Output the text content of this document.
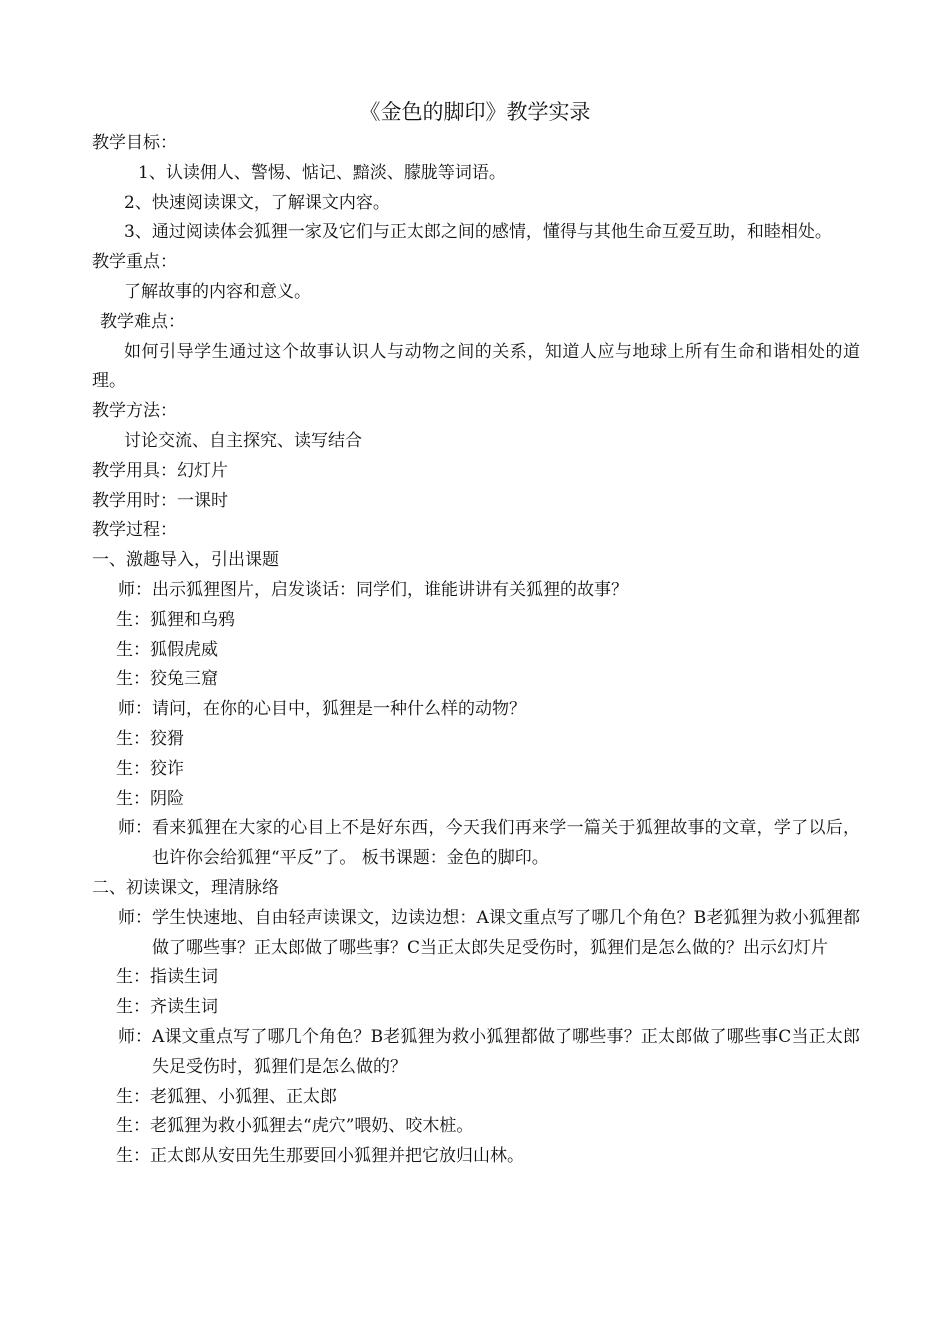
《金色的脚印》教学实录
教学目标：
1、认读佣人、警惕、惦记、黯淡、朦胧等词语。
2、快速阅读课文，了解课文内容。
3、通过阅读体会狐狸一家及它们与正太郎之间的感情，懂得与其他生命互爱互助，和睦相处。
教学重点：
了解故事的内容和意义。
教学难点：
如何引导学生通过这个故事认识人与动物之间的关系，知道人应与地球上所有生命和谐相处的道理。
教学方法：
讨论交流、自主探究、读写结合
教学用具：幻灯片
教学用时：一课时
教学过程：
一、激趣导入，引出课题
师： 出示狐狸图片，启发谈话：同学们，谁能讲讲有关狐狸的故事？
生： 狐狸和乌鸦
生： 狐假虎威
生： 狡兔三窟
师： 请问，在你的心目中，狐狸是一种什么样的动物？
生： 狡猾
生： 狡诈
生： 阴险
师： 看来狐狸在大家的心目上不是好东西，今天我们再来学一篇关于狐狸故事的文章，学了以后，也许你会给狐狸“平反”了。 板书课题：金色的脚印。
二、初读课文，理清脉络
师： 学生快速地、自由轻声读课文，边读边想：A课文重点写了哪几个角色？B老狐狸为救小狐狸都做了哪些事？正太郎做了哪些事？C当正太郎失足受伤时，狐狸们是怎么做的？出示幻灯片
生： 指读生词
生： 齐读生词
师： A课文重点写了哪几个角色？B老狐狸为救小狐狸都做了哪些事？正太郎做了哪些事C当正太郎失足受伤时，狐狸们是怎么做的？
生： 老狐狸、小狐狸、正太郎
生： 老狐狸为救小狐狸去“虎穴”喂奶、咬木桩。
生： 正太郎从安田先生那要回小狐狸并把它放归山林。
